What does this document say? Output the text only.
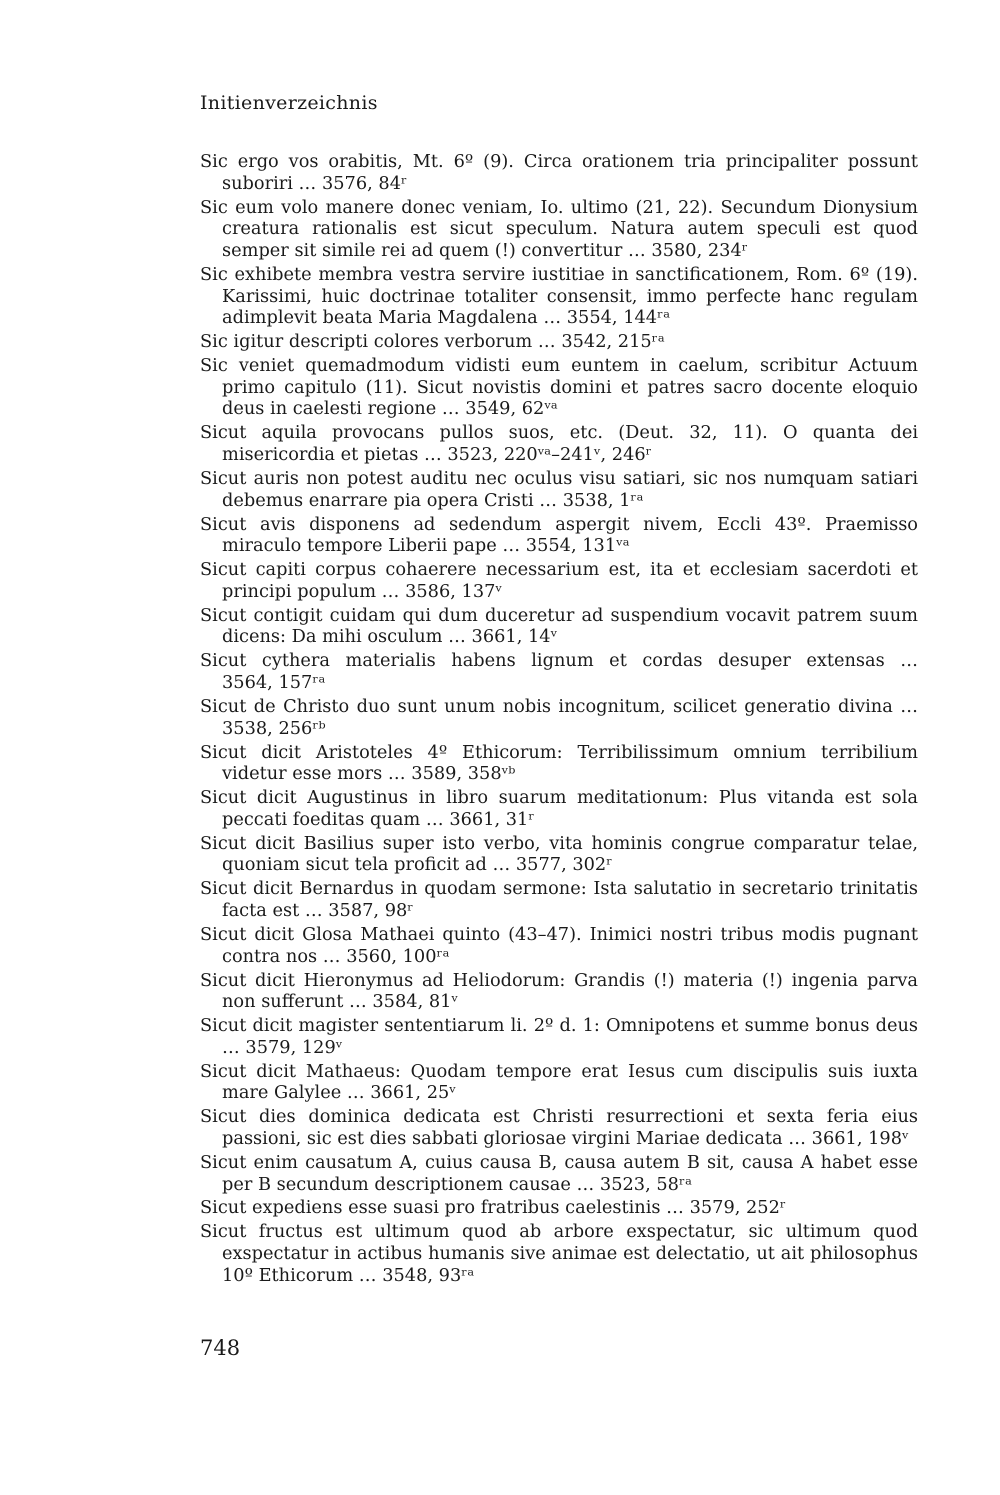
Initienverzeichnis

Sic ergo vos orabitis, Mt. 6º (9). Circa orationem tria principaliter possunt suboriri … 3576, 84ʳ

Sic eum volo manere donec veniam, Io. ultimo (21, 22). Secundum Dionysium creatura rationalis est sicut speculum. Natura autem speculi est quod semper sit simile rei ad quem (!) convertitur … 3580, 234ʳ

Sic exhibete membra vestra servire iustitiae in sanctificationem, Rom. 6º (19). Karissimi, huic doctrinae totaliter consensit, immo perfecte hanc regulam adimplevit beata Maria Magdalena … 3554, 144ʳᵃ

Sic igitur descripti colores verborum … 3542, 215ʳᵃ

Sic veniet quemadmodum vidisti eum euntem in caelum, scribitur Actuum primo capitulo (11). Sicut novistis domini et patres sacro docente eloquio deus in caelesti regione … 3549, 62ᵛᵃ

Sicut aquila provocans pullos suos, etc. (Deut. 32, 11). O quanta dei misericordia et pietas … 3523, 220ᵛᵃ–241ᵛ, 246ʳ

Sicut auris non potest auditu nec oculus visu satiari, sic nos numquam satiari debemus enarrare pia opera Cristi … 3538, 1ʳᵃ

Sicut avis disponens ad sedendum aspergit nivem, Eccli 43º. Praemisso miraculo tempore Liberii pape … 3554, 131ᵛᵃ

Sicut capiti corpus cohaerere necessarium est, ita et ecclesiam sacerdoti et principi populum … 3586, 137ᵛ

Sicut contigit cuidam qui dum duceretur ad suspendium vocavit patrem suum dicens: Da mihi osculum … 3661, 14ᵛ

Sicut cythera materialis habens lignum et cordas desuper extensas … 3564, 157ʳᵃ

Sicut de Christo duo sunt unum nobis incognitum, scilicet generatio divina … 3538, 256ʳᵇ

Sicut dicit Aristoteles 4º Ethicorum: Terribilissimum omnium terribilium videtur esse mors … 3589, 358ᵛᵇ

Sicut dicit Augustinus in libro suarum meditationum: Plus vitanda est sola peccati foeditas quam … 3661, 31ʳ

Sicut dicit Basilius super isto verbo, vita hominis congrue comparatur telae, quoniam sicut tela proficit ad … 3577, 302ʳ

Sicut dicit Bernardus in quodam sermone: Ista salutatio in secretario trinitatis facta est … 3587, 98ʳ

Sicut dicit Glosa Mathaei quinto (43–47). Inimici nostri tribus modis pugnant contra nos … 3560, 100ʳᵃ

Sicut dicit Hieronymus ad Heliodorum: Grandis (!) materia (!) ingenia parva non sufferunt … 3584, 81ᵛ

Sicut dicit magister sententiarum li. 2º d. 1: Omnipotens et summe bonus deus … 3579, 129ᵛ

Sicut dicit Mathaeus: Quodam tempore erat Iesus cum discipulis suis iuxta mare Galylee … 3661, 25ᵛ

Sicut dies dominica dedicata est Christi resurrectioni et sexta feria eius passioni, sic est dies sabbati gloriosae virgini Mariae dedicata … 3661, 198ᵛ

Sicut enim causatum A, cuius causa B, causa autem B sit, causa A habet esse per B secundum descriptionem causae … 3523, 58ʳᵃ

Sicut expediens esse suasi pro fratribus caelestinis … 3579, 252ʳ

Sicut fructus est ultimum quod ab arbore exspectatur, sic ultimum quod exspectatur in actibus humanis sive animae est delectatio, ut ait philosophus 10º Ethicorum … 3548, 93ʳᵃ

748
